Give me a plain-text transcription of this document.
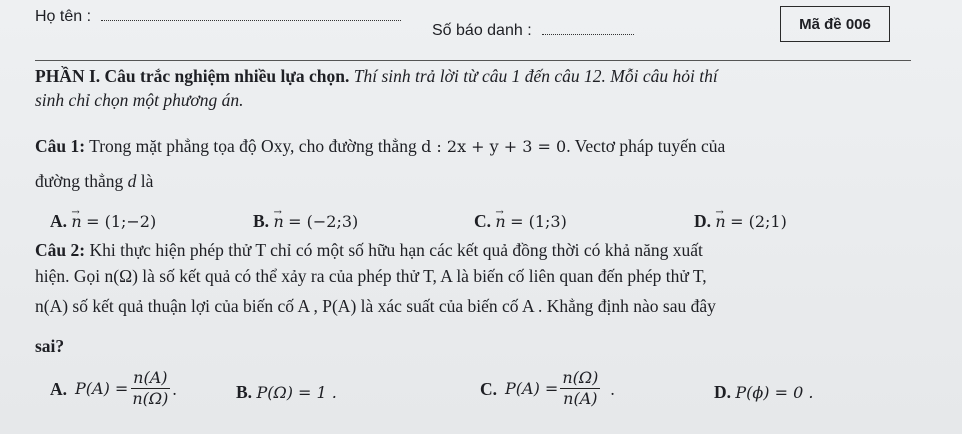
Họ tên :
Số báo danh :	Mã đề 006
PHẦN I. Câu trắc nghiệm nhiều lựa chọn. Thí sinh trả lời từ câu 1 đến câu 12. Mỗi câu hỏi thí
sinh chỉ chọn một phương án.
Câu 1: Trong mặt phẳng tọa độ Oxy, cho đường thẳng d : 2x + y + 3 = 0. Vectơ pháp tuyến của
đường thẳng d là
A. → n = (1;−2)	B. → n = (−2;3)	C. → n = (1;3)	D. → n = (2;1)
Câu 2: Khi thực hiện phép thử T chỉ có một số hữu hạn các kết quả đồng thời có khả năng xuất
hiện. Gọi n(Ω) là số kết quả có thể xảy ra của phép thử T, A là biến cố liên quan đến phép thử T,
n(A) số kết quả thuận lợi của biến cố A , P(A) là xác suất của biến cố A . Khẳng định nào sau đây
sai?
A. $P(A) = \frac{n(A)}{n(\Omega)}$ .	B. P(Ω) = 1 .	C. $P(A) = \frac{n(\Omega)}{n(A)}$ .	D. P(ϕ) = 0 .
